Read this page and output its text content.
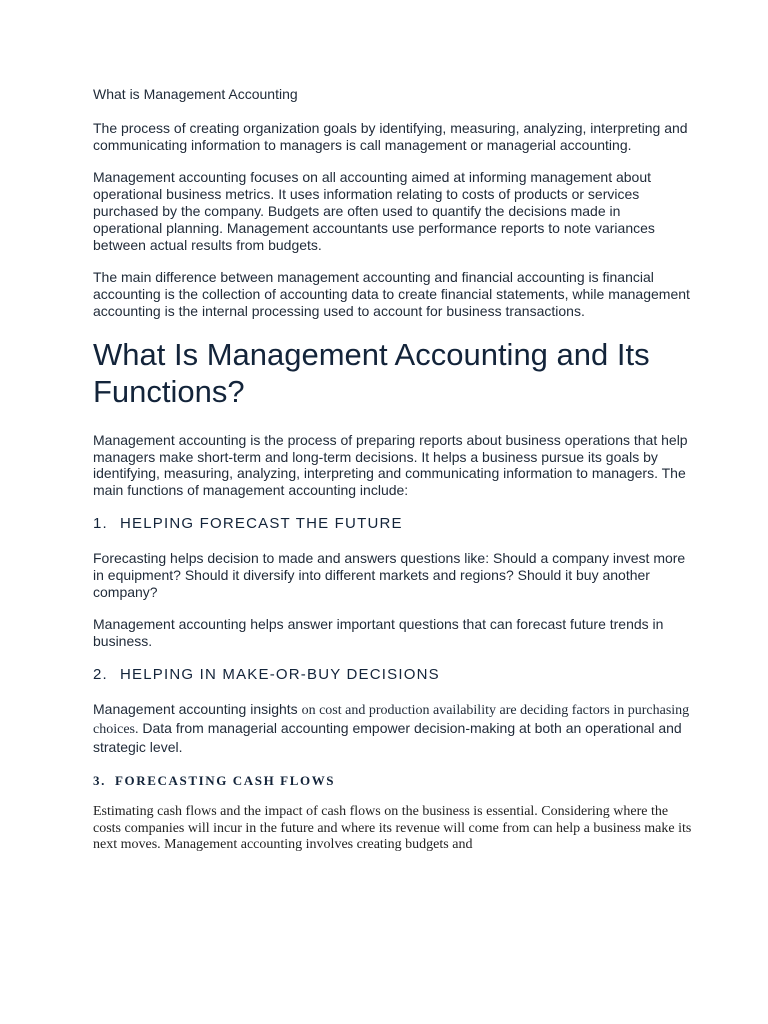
What is Management Accounting

The process of creating organization goals by identifying, measuring, analyzing, interpreting and communicating information to managers is call management or managerial accounting.

Management accounting focuses on all accounting aimed at informing management about operational business metrics. It uses information relating to costs of products or services purchased by the company. Budgets are often used to quantify the decisions made in operational planning. Management accountants use performance reports to note variances between actual results from budgets.

The main difference between management accounting and financial accounting is financial accounting is the collection of accounting data to create financial statements, while management accounting is the internal processing used to account for business transactions.

What Is Management Accounting and Its Functions?

Management accounting is the process of preparing reports about business operations that help managers make short-term and long-term decisions. It helps a business pursue its goals by identifying, measuring, analyzing, interpreting and communicating information to managers. The main functions of management accounting include:

1. HELPING FORECAST THE FUTURE

Forecasting helps decision to made and answers questions like: Should a company invest more in equipment? Should it diversify into different markets and regions? Should it buy another company?

Management accounting helps answer important questions that can forecast future trends in business.

2. HELPING IN MAKE-OR-BUY DECISIONS

Management accounting insights on cost and production availability are deciding factors in purchasing choices. Data from managerial accounting empower decision-making at both an operational and strategic level.

3. FORECASTING CASH FLOWS

Estimating cash flows and the impact of cash flows on the business is essential. Considering where the costs companies will incur in the future and where its revenue will come from can help a business make its next moves. Management accounting involves creating budgets and
